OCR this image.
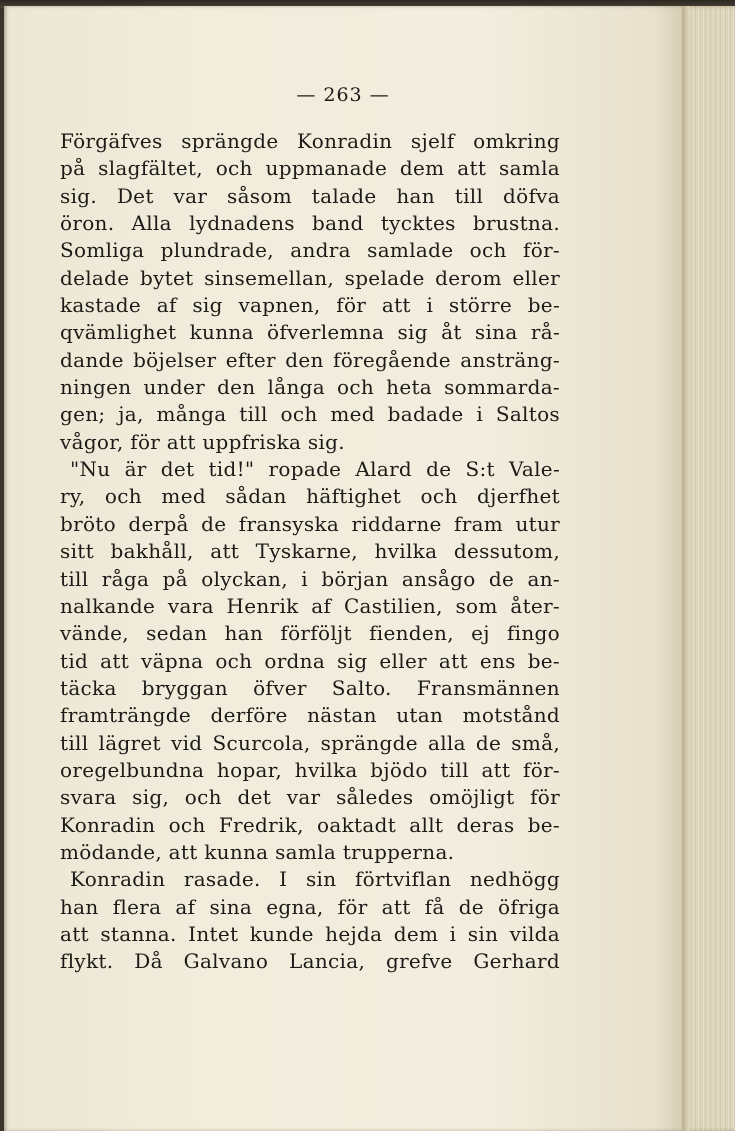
— 263 —
Förgäfves sprängde Konradin sjelf omkring
på slagfältet, och uppmanade dem att samla
sig. Det var såsom talade han till döfva
öron. Alla lydnadens band tycktes brustna.
Somliga plundrade, andra samlade och för-
delade bytet sinsemellan, spelade derom eller
kastade af sig vapnen, för att i större be-
qvämlighet kunna öfverlemna sig åt sina rå-
dande böjelser efter den föregående ansträng-
ningen under den långa och heta sommarda-
gen; ja, många till och med badade i Saltos
vågor, för att uppfriska sig.
"Nu är det tid!" ropade Alard de S:t Vale-
ry, och med sådan häftighet och djerfhet
bröto derpå de fransyska riddarne fram utur
sitt bakhåll, att Tyskarne, hvilka dessutom,
till råga på olyckan, i början ansågo de an-
nalkande vara Henrik af Castilien, som åter-
vände, sedan han förföljt fienden, ej fingo
tid att väpna och ordna sig eller att ens be-
täcka bryggan öfver Salto. Fransmännen
framträngde derföre nästan utan motstånd
till lägret vid Scurcola, sprängde alla de små,
oregelbundna hopar, hvilka bjödo till att för-
svara sig, och det var således omöjligt för
Konradin och Fredrik, oaktadt allt deras be-
mödande, att kunna samla trupperna.
Konradin rasade. I sin förtviflan nedhögg
han flera af sina egna, för att få de öfriga
att stanna. Intet kunde hejda dem i sin vilda
flykt. Då Galvano Lancia, grefve Gerhard
